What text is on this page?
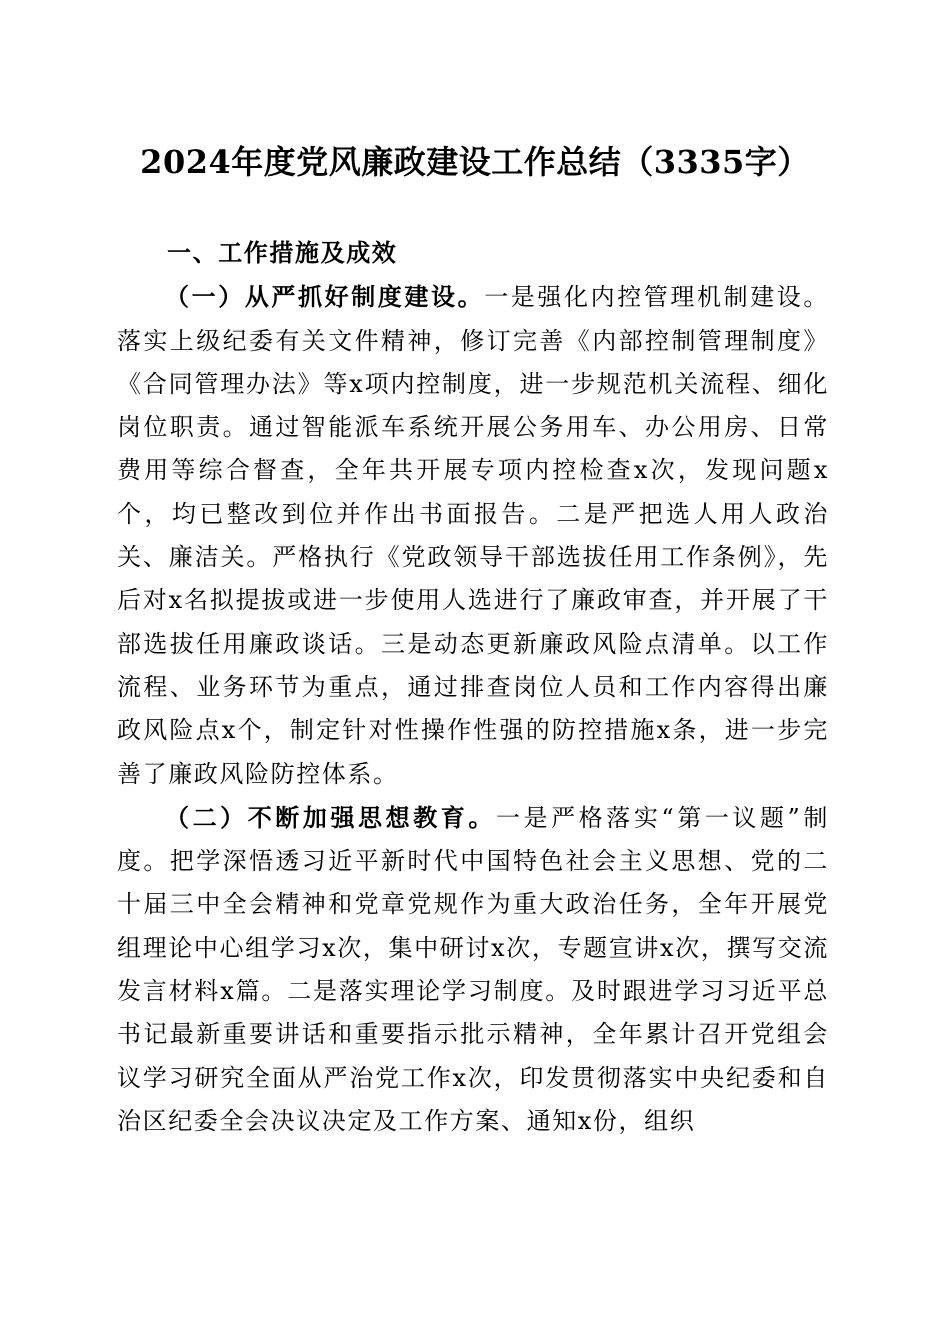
2024年度党风廉政建设工作总结（3335字）

一、工作措施及成效

（一）从严抓好制度建设。一是强化内控管理机制建设。落实上级纪委有关文件精神，修订完善《内部控制管理制度》《合同管理办法》等x项内控制度，进一步规范机关流程、细化岗位职责。通过智能派车系统开展公务用车、办公用房、日常费用等综合督查，全年共开展专项内控检查x次，发现问题x个，均已整改到位并作出书面报告。二是严把选人用人政治关、廉洁关。严格执行《党政领导干部选拔任用工作条例》，先后对x名拟提拔或进一步使用人选进行了廉政审查，并开展了干部选拔任用廉政谈话。三是动态更新廉政风险点清单。以工作流程、业务环节为重点，通过排查岗位人员和工作内容得出廉政风险点x个，制定针对性操作性强的防控措施x条，进一步完善了廉政风险防控体系。

（二）不断加强思想教育。一是严格落实“第一议题”制度。把学深悟透习近平新时代中国特色社会主义思想、党的二十届三中全会精神和党章党规作为重大政治任务，全年开展党组理论中心组学习x次，集中研讨x次，专题宣讲x次，撰写交流发言材料x篇。二是落实理论学习制度。及时跟进学习习近平总书记最新重要讲话和重要指示批示精神，全年累计召开党组会议学习研究全面从严治党工作x次，印发贯彻落实中央纪委和自治区纪委全会决议决定及工作方案、通知x份，组织
